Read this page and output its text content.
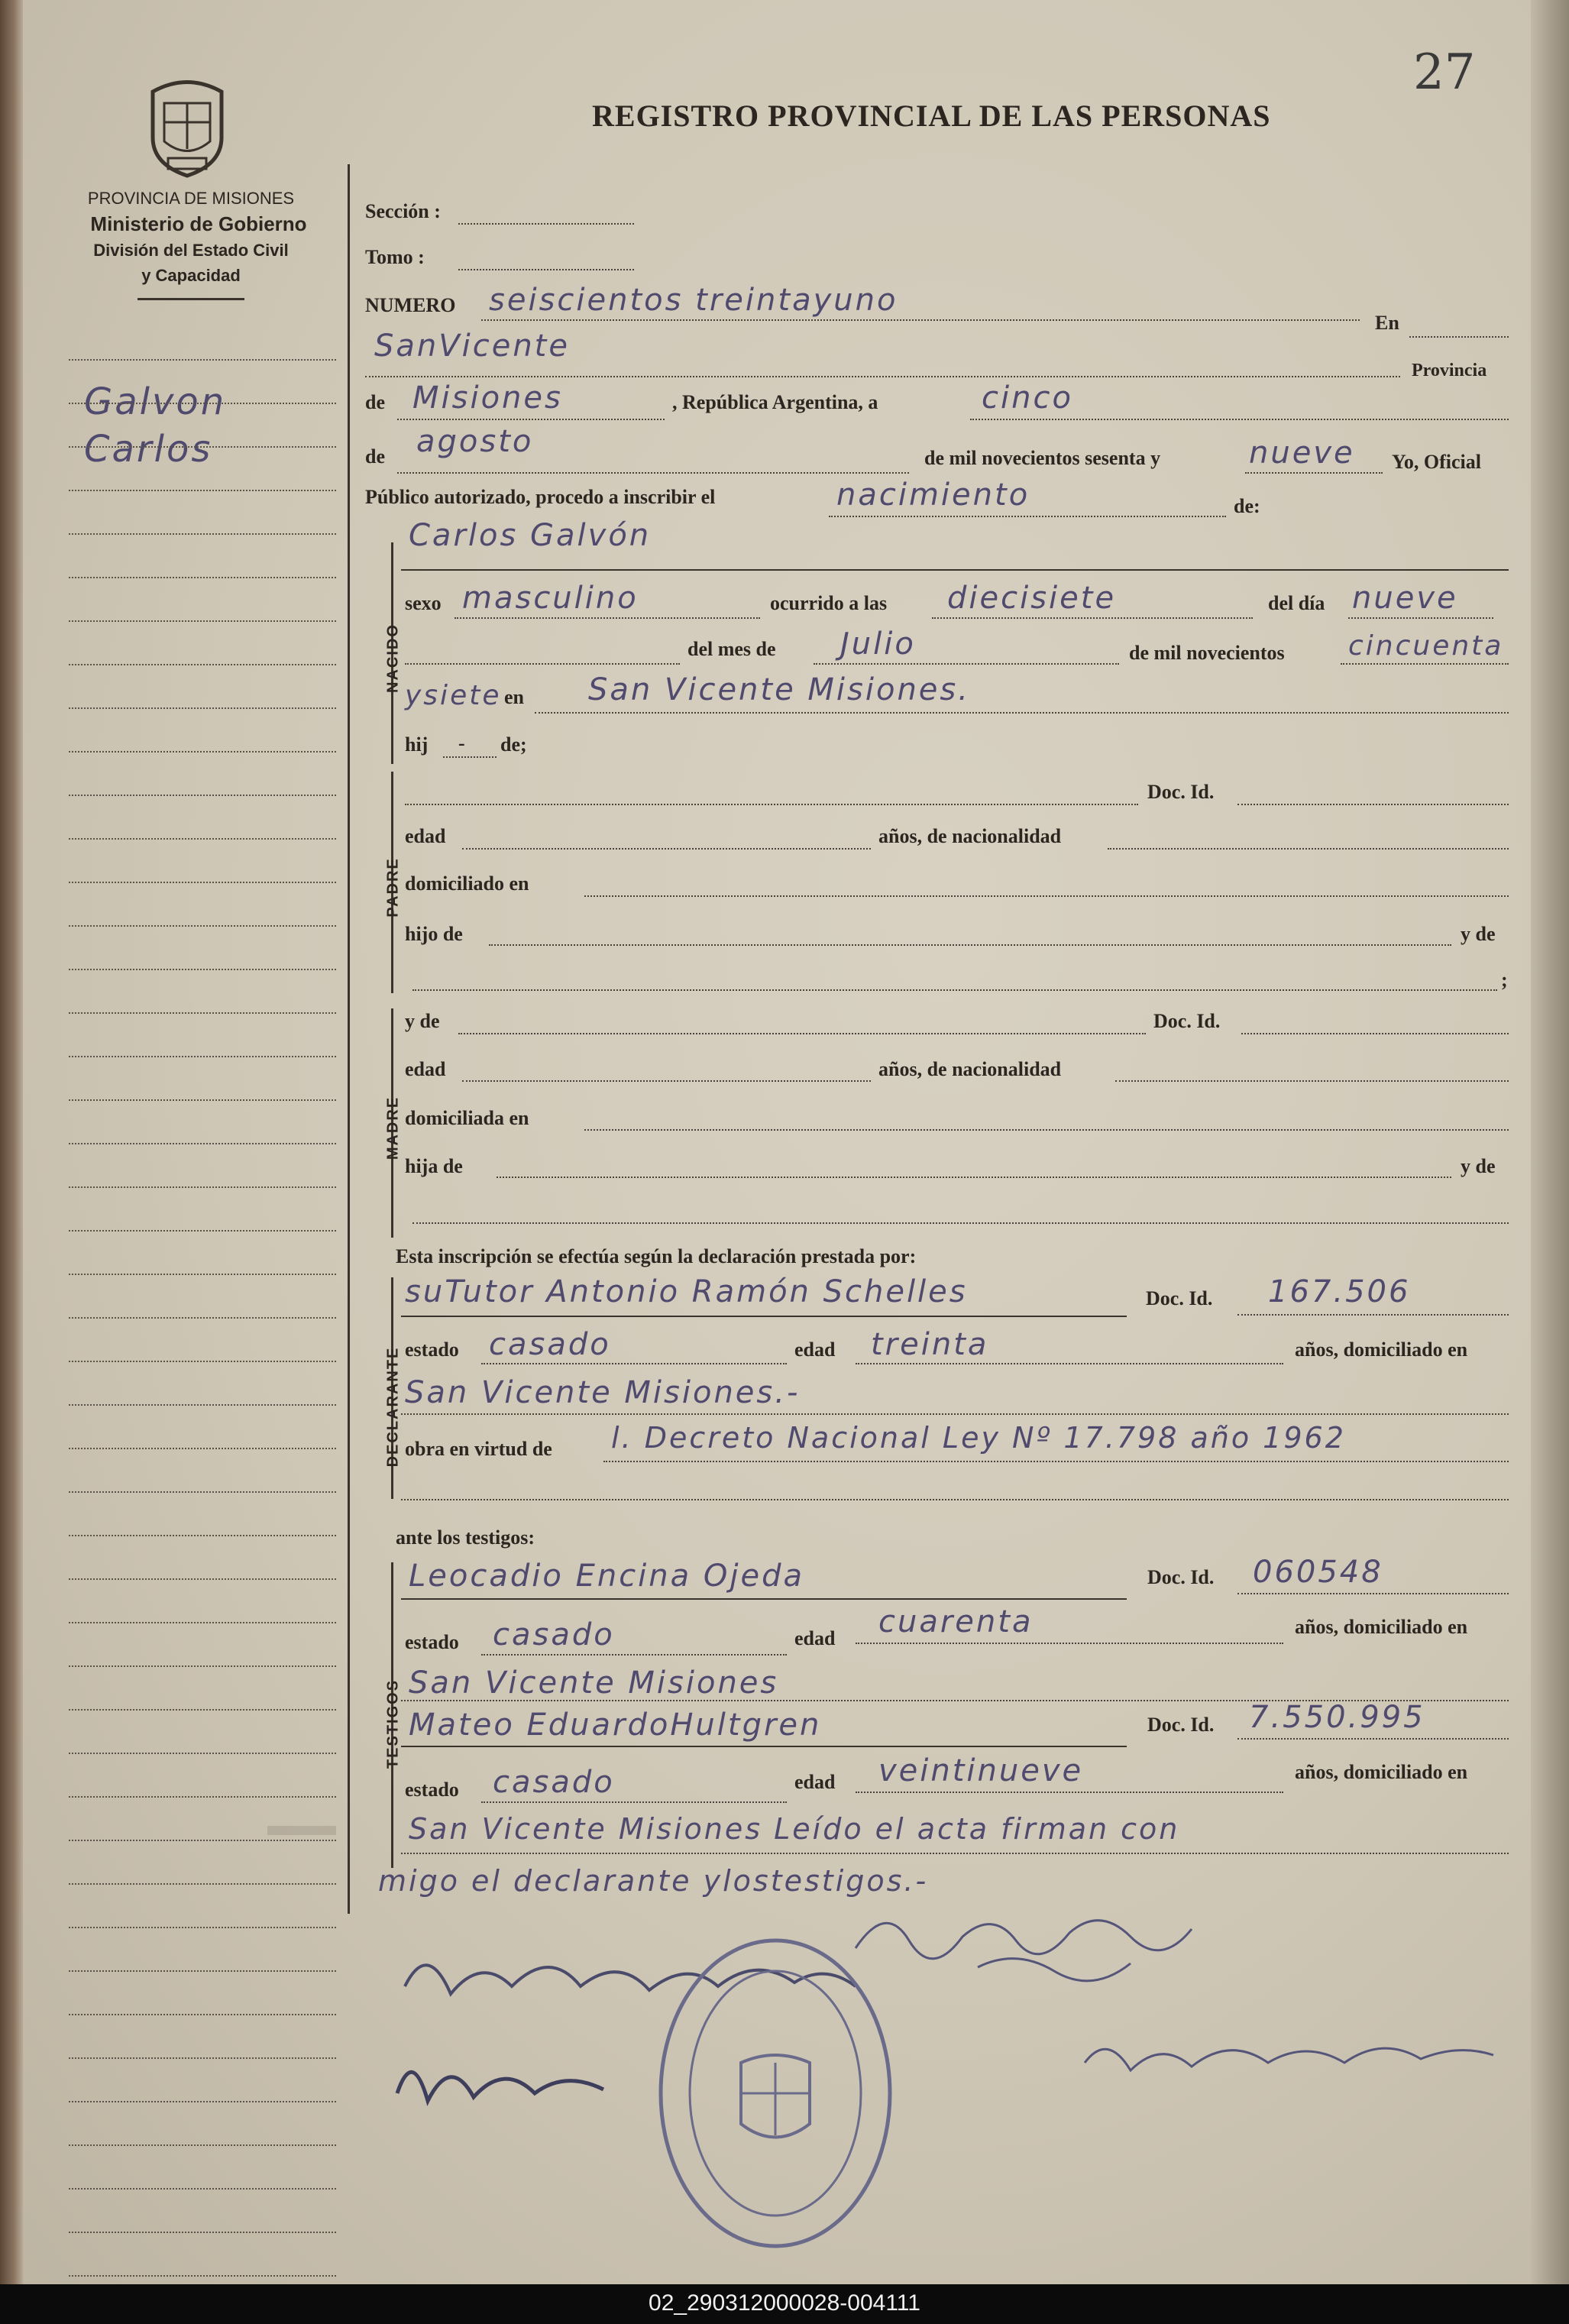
27
REGISTRO PROVINCIAL DE LAS PERSONAS
PROVINCIA DE MISIONES
Ministerio de Gobierno
División del Estado Civil
y Capacidad
Galvon
Carlos
Sección :
Tomo :
NUMERO seiscientos treintayuno
En
SanVicente
Provincia
de Misiones	, República Argentina, a	cinco
de agosto	de mil novecientos sesenta y	nueve Yo, Oficial
Público autorizado, procedo a inscribir el	nacimiento	de:
NACIDO
Carlos Galvón
sexo masculino	ocurrido a las diecisiete	del día nueve
del mes de Julio	de mil novecientos cincuenta
ysiete en San Vicente Misiones.
hij - de;
PADRE
Doc. Id.
edad	años, de nacionalidad
domiciliado en
hijo de	y de
;
MADRE
y de	Doc. Id.
edad	años, de nacionalidad
domiciliada en
hija de	y de
Esta inscripción se efectúa según la declaración prestada por:
DECLARANTE
suTutor Antonio Ramón Schelles	Doc. Id. 167.506
estado casado	edad treinta	años, domiciliado en
San Vicente Misiones.-
obra en virtud de l. Decreto Nacional Ley Nº 17.798 año 1962
ante los testigos:
TESTIGOS
Leocadio Encina Ojeda	Doc. Id. 060548
estado casado	edad cuarenta	años, domiciliado en
San Vicente Misiones
Mateo EduardoHultgren	Doc. Id. 7.550.995
estado casado	edad veintinueve	años, domiciliado en
San Vicente Misiones Leído el acta firman con
migo el declarante ylostestigos.-
02_290312000028-004111
